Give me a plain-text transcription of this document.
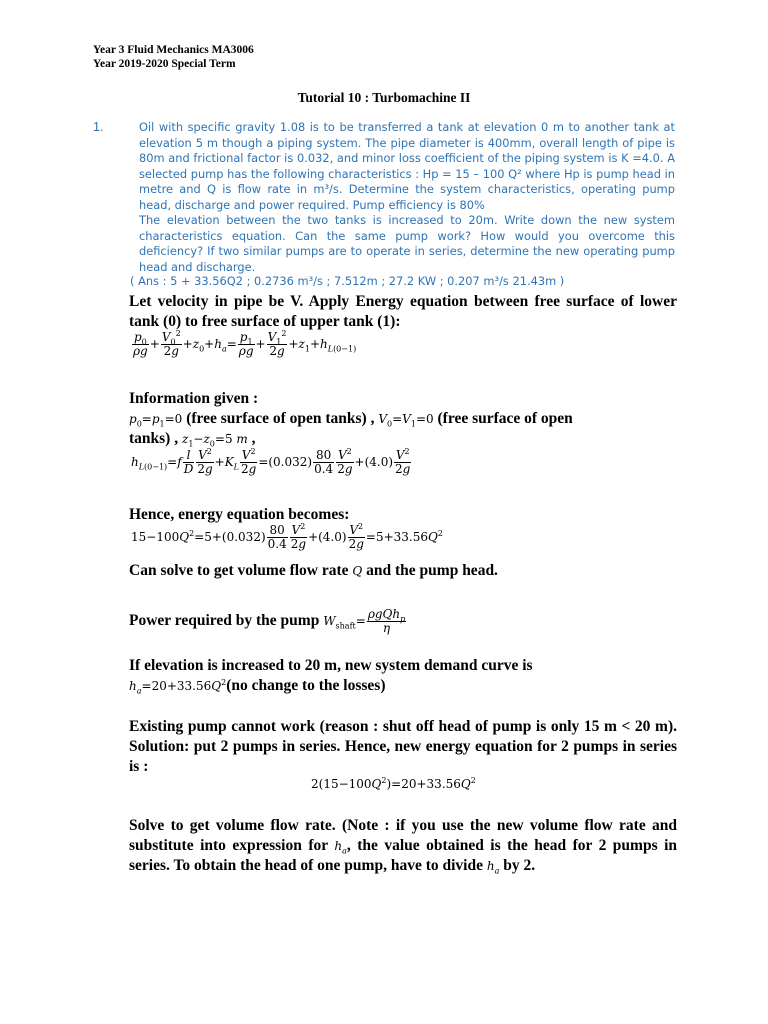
Year 3 Fluid Mechanics MA3006
Year 2019-2020 Special Term
Tutorial 10 : Turbomachine II
1.	Oil with specific gravity 1.08 is to be transferred a tank at elevation 0 m to another tank at elevation 5 m though a piping system. The pipe diameter is 400mm, overall length of pipe is 80m and frictional factor is 0.032, and minor loss coefficient of the piping system is K =4.0. A selected pump has the following characteristics : Hp = 15 – 100 Q² where Hp is pump head in metre and Q is flow rate in m³/s. Determine the system characteristics, operating pump head, discharge and power required. Pump efficiency is 80%

The elevation between the two tanks is increased to 20m. Write down the new system characteristics equation. Can the same pump work? How would you overcome this deficiency? If two similar pumps are to operate in series, determine the new operating pump head and discharge.

( Ans : 5 + 33.56Q2 ; 0.2736 m³/s ; 7.512m ; 27.2 KW ; 0.207 m³/s 21.43m )
Let velocity in pipe be V. Apply Energy equation between free surface of lower tank (0) to free surface of upper tank (1):
$\frac{p_0}{\rho g} + \frac{V_0^2}{2g} +z_0+h_a= \frac{p_1}{\rho g} + \frac{V_1^2}{2g} +z_1+h_{L(0-1)}$
Information given :
$p_0=p_1=0$ (free surface of open tanks) , $V_0=V_1=0$ (free surface of open
tanks) , $z_1-z_0=5$ m ,
$h_{L(0-1)}=f \frac{l}{D} \frac{V^2}{2g} +K_L \frac{V^2}{2g} =(0.032) \frac{80}{0.4} \frac{V^2}{2g} +(4.0) \frac{V^2}{2g}$
Hence, energy equation becomes:
$15-100Q^2=5+(0.032) \frac{80}{0.4} \frac{V^2}{2g} +(4.0) \frac{V^2}{2g} =5+33.56Q^2$
Can solve to get volume flow rate Q and the pump head.
Power required by the pump $W_{shaft}= \frac{\rho gQh_p}{\eta}$
If elevation is increased to 20 m, new system demand curve is
$h_a=20+33.56Q^2(no$ change to the losses)
Existing pump cannot work (reason : shut off head of pump is only 15 m < 20 m). Solution: put 2 pumps in series. Hence, new energy equation for 2 pumps in series is :
$2(15-100Q^2)=20+33.56Q^2$
Solve to get volume flow rate. (Note : if you use the new volume flow rate and substitute into expression for $h_a$, the value obtained is the head for 2 pumps in series. To obtain the head of one pump, have to divide $h_a$ by 2.
